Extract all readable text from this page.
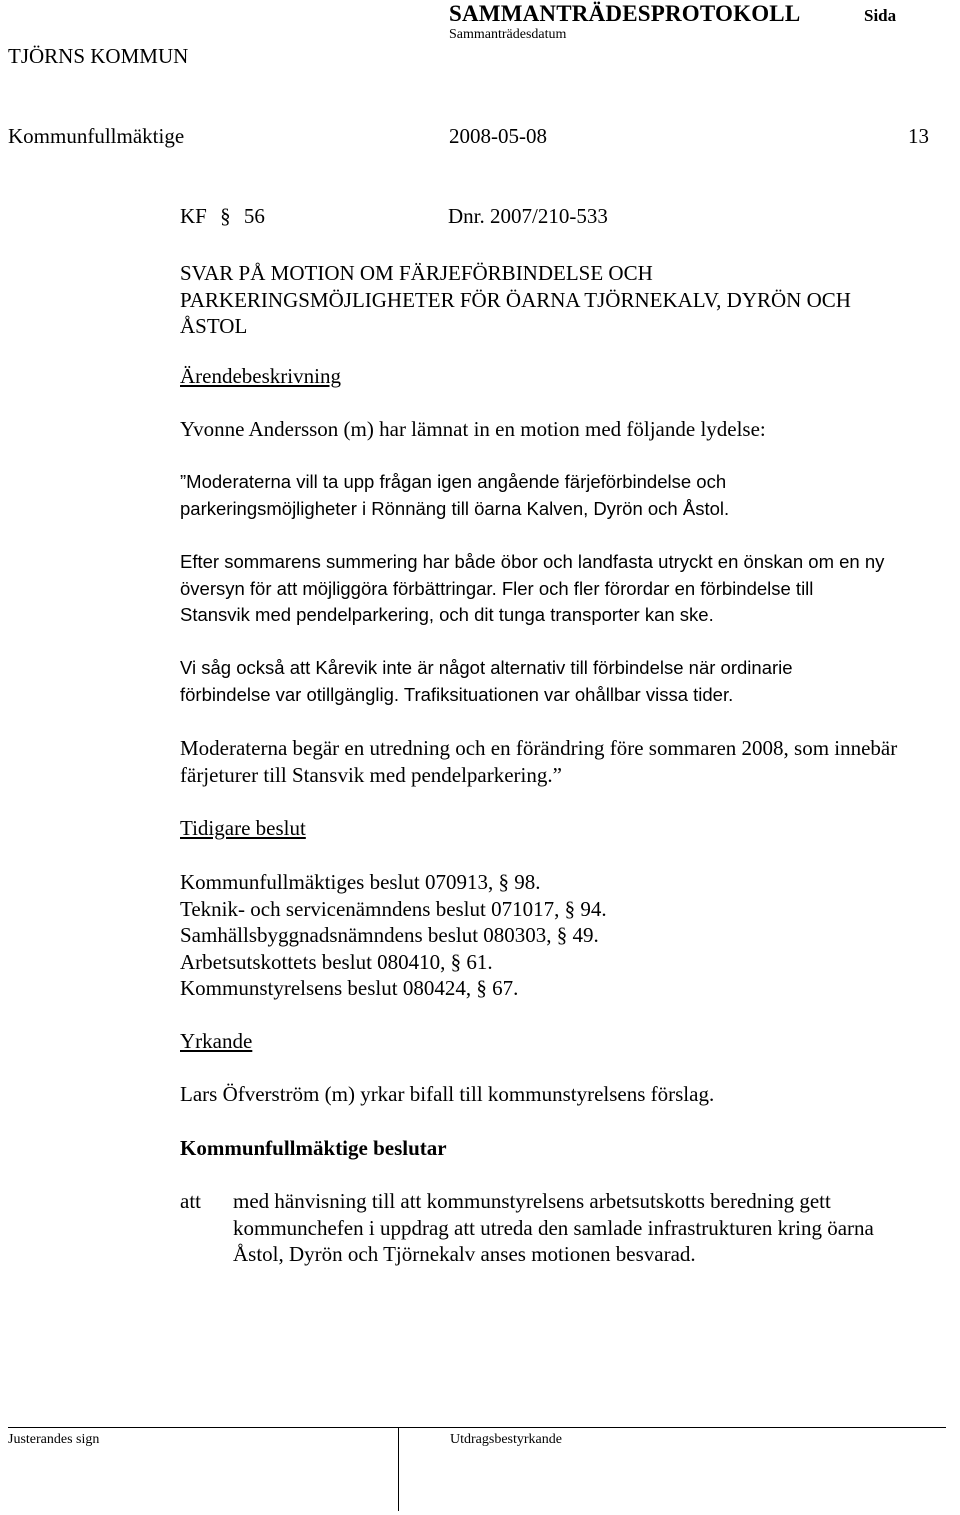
SAMMANTRÄDESPROTOKOLL	Sida
Sammanträdesdatum
TJÖRNS KOMMUN
Kommunfullmäktige	2008-05-08	13
KF § 56	Dnr. 2007/210-533
SVAR PÅ MOTION OM FÄRJEFÖRBINDELSE OCH
PARKERINGSMÖJLIGHETER FÖR ÖARNA TJÖRNEKALV, DYRÖN OCH
ÅSTOL
Ärendebeskrivning
Yvonne Andersson (m) har lämnat in en motion med följande lydelse:
”Moderaterna vill ta upp frågan igen angående färjeförbindelse och
parkeringsmöjligheter i Rönnäng till öarna Kalven, Dyrön och Åstol.
Efter sommarens summering har både öbor och landfasta utryckt en önskan om en ny
översyn för att möjliggöra förbättringar. Fler och fler förordar en förbindelse till
Stansvik med pendelparkering, och dit tunga transporter kan ske.
Vi såg också att Kårevik inte är något alternativ till förbindelse när ordinarie
förbindelse var otillgänglig. Trafiksituationen var ohållbar vissa tider.
Moderaterna begär en utredning och en förändring före sommaren 2008, som innebär
färjeturer till Stansvik med pendelparkering.”
Tidigare beslut
Kommunfullmäktiges beslut 070913, § 98.
Teknik- och servicenämndens beslut 071017, § 94.
Samhällsbyggnadsnämndens beslut 080303, § 49.
Arbetsutskottets beslut 080410, § 61.
Kommunstyrelsens beslut 080424, § 67.
Yrkande
Lars Öfverström (m) yrkar bifall till kommunstyrelsens förslag.
Kommunfullmäktige beslutar
att med hänvisning till att kommunstyrelsens arbetsutskotts beredning gett
kommunchefen i uppdrag att utreda den samlade infrastrukturen kring öarna
Åstol, Dyrön och Tjörnekalv anses motionen besvarad.
Justerandes sign	Utdragsbestyrkande
